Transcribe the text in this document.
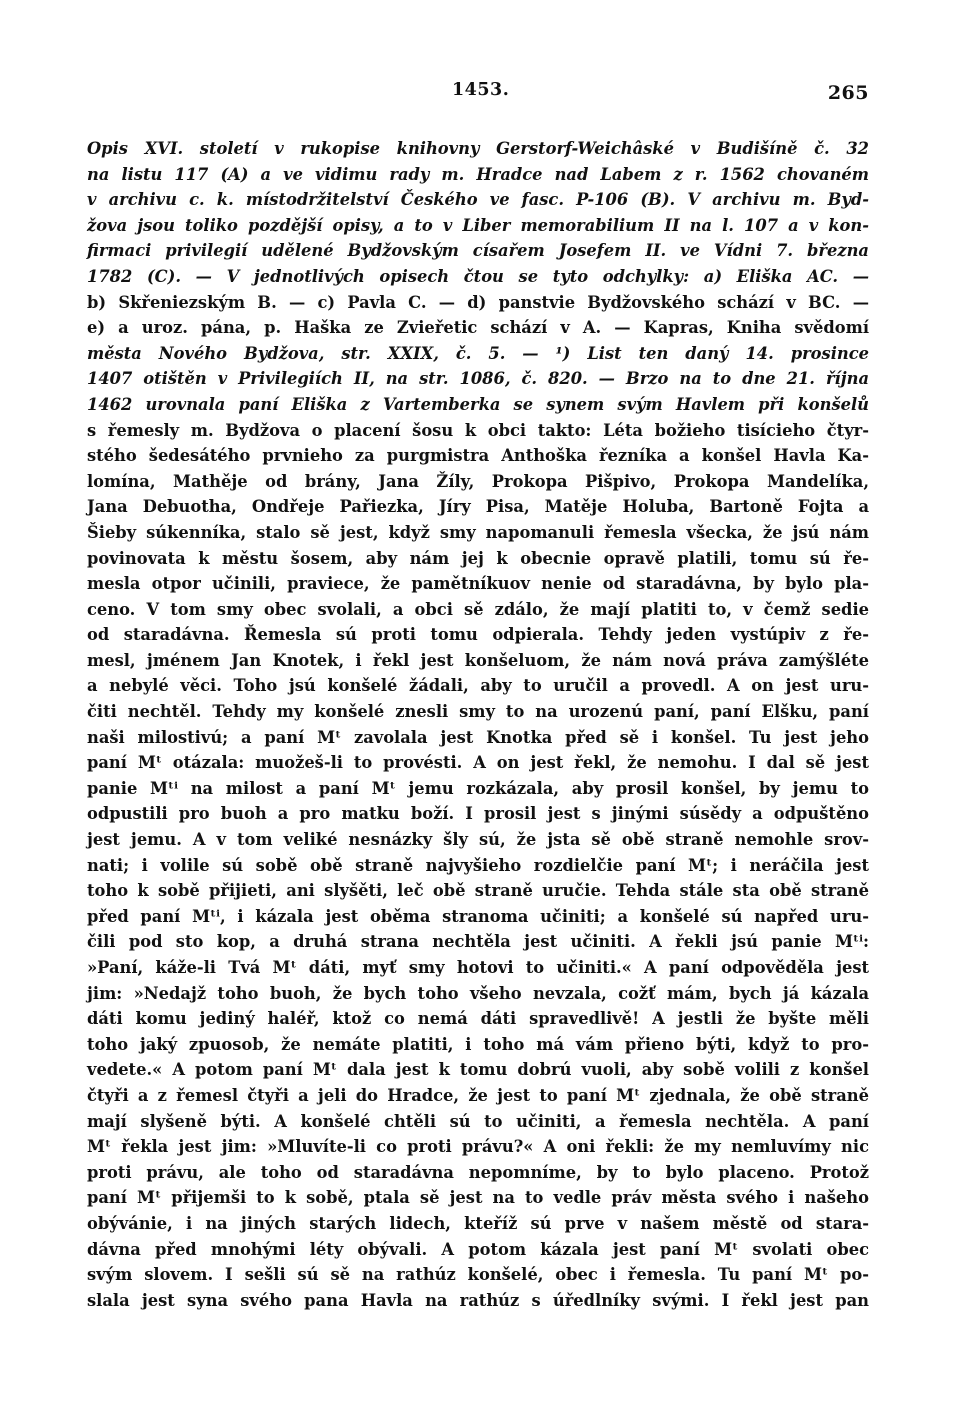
1453.	265
Opis XVI. století v rukopise knihovny Gerstorf-Weichâské v Budišíně č. 32
na listu 117 (A) a ve vidimu rady m. Hradce nad Labem z r. 1562 chovaném
v archivu c. k. místodržitelství Českého ve fasc. P-106 (B). V archivu m. Byd-
žova jsou toliko pozdější opisy, a to v Liber memorabilium II na l. 107 a v kon-
firmaci privilegií udělené Bydžovským císařem Josefem II. ve Vídni 7. března
1782 (C). — V jednotlivých opisech čtou se tyto odchylky: a) Eliška AC. —
b) Skřeniezským B. — c) Pavla C. — d) panstvie Bydžovského schází v BC. —
e) a uroz. pána, p. Haška ze Zvieřetic schází v A. — Kapras, Kniha svědomí
města Nového Bydžova, str. XXIX, č. 5. — ¹) List ten daný 14. prosince
1407 otištěn v Privilegiích II, na str. 1086, č. 820. — Brzo na to dne 21. října
1462 urovnala paní Eliška z Vartemberka se synem svým Havlem při konšelů
s řemesly m. Bydžova o placení šosu k obci takto: Léta božieho tisícieho čtyr-
stého šedesátého prvnieho za purgmistra Anthoška řezníka a konšel Havla Ka-
lomína, Mathěje od brány, Jana Žíly, Prokopa Pišpivo, Prokopa Mandelíka,
Jana Debuotha, Ondřeje Pařiezka, Jíry Pisa, Matěje Holuba, Bartoně Fojta a
Šieby súkenníka, stalo sě jest, když smy napomanuli řemesla všecka, že jsú nám
povinovata k městu šosem, aby nám jej k obecnie opravě platili, tomu sú ře-
mesla otpor učinili, praviece, že pamětníkuov nenie od staradávna, by bylo pla-
ceno. V tom smy obec svolali, a obci sě zdálo, že mají platiti to, v čemž sedie
od staradávna. Řemesla sú proti tomu odpierala. Tehdy jeden vystúpiv z ře-
mesl, jménem Jan Knotek, i řekl jest konšeluom, že nám nová práva zamýšléte
a nebylé věci. Toho jsú konšelé žádali, aby to uručil a provedl. A on jest uru-
čiti nechtěl. Tehdy my konšelé znesli smy to na urozenú paní, paní Elšku, paní
naši milostivú; a paní Mᵗ zavolala jest Knotka před sě i konšel. Tu jest jeho
paní Mᵗ otázala: muožeš-li to provésti. A on jest řekl, že nemohu. I dal sě jest
panie Mᵗⁱ na milost a paní Mᵗ jemu rozkázala, aby prosil konšel, by jemu to
odpustili pro buoh a pro matku boží. I prosil jest s jinými súsědy a odpuštěno
jest jemu. A v tom veliké nesnázky šly sú, že jsta sě obě straně nemohle srov-
nati; i volile sú sobě obě straně najvyšieho rozdielčie paní Mᵗ; i neráčila jest
toho k sobě přijieti, ani slyšěti, leč obě straně uručie. Tehda stále sta obě straně
před paní Mᵗⁱ, i kázala jest oběma stranoma učiniti; a konšelé sú napřed uru-
čili pod sto kop, a druhá strana nechtěla jest učiniti. A řekli jsú panie Mᵗⁱ:
»Paní, káže-li Tvá Mᵗ dáti, myť smy hotovi to učiniti.« A paní odpověděla jest
jim: »Nedajž toho buoh, že bych toho všeho nevzala, cožť mám, bych já kázala
dáti komu jediný haléř, ktož co nemá dáti spravedlivě! A jestli že byšte měli
toho jaký zpuosob, že nemáte platiti, i toho má vám přieno býti, když to pro-
vedete.« A potom paní Mᵗ dala jest k tomu dobrú vuoli, aby sobě volili z konšel
čtyři a z řemesl čtyři a jeli do Hradce, že jest to paní Mᵗ zjednala, že obě straně
mají slyšeně býti. A konšelé chtěli sú to učiniti, a řemesla nechtěla. A paní
Mᵗ řekla jest jim: »Mluvíte-li co proti právu?« A oni řekli: že my nemluvímy nic
proti právu, ale toho od staradávna nepomníme, by to bylo placeno. Protož
paní Mᵗ přijemši to k sobě, ptala sě jest na to vedle práv města svého i našeho
obývánie, i na jiných starých lidech, kteříž sú prve v našem městě od stara-
dávna před mnohými léty obývali. A potom kázala jest paní Mᵗ svolati obec
svým slovem. I sešli sú sě na rathúz konšelé, obec i řemesla. Tu paní Mᵗ po-
slala jest syna svého pana Havla na rathúz s úředlníky svými. I řekl jest pan
